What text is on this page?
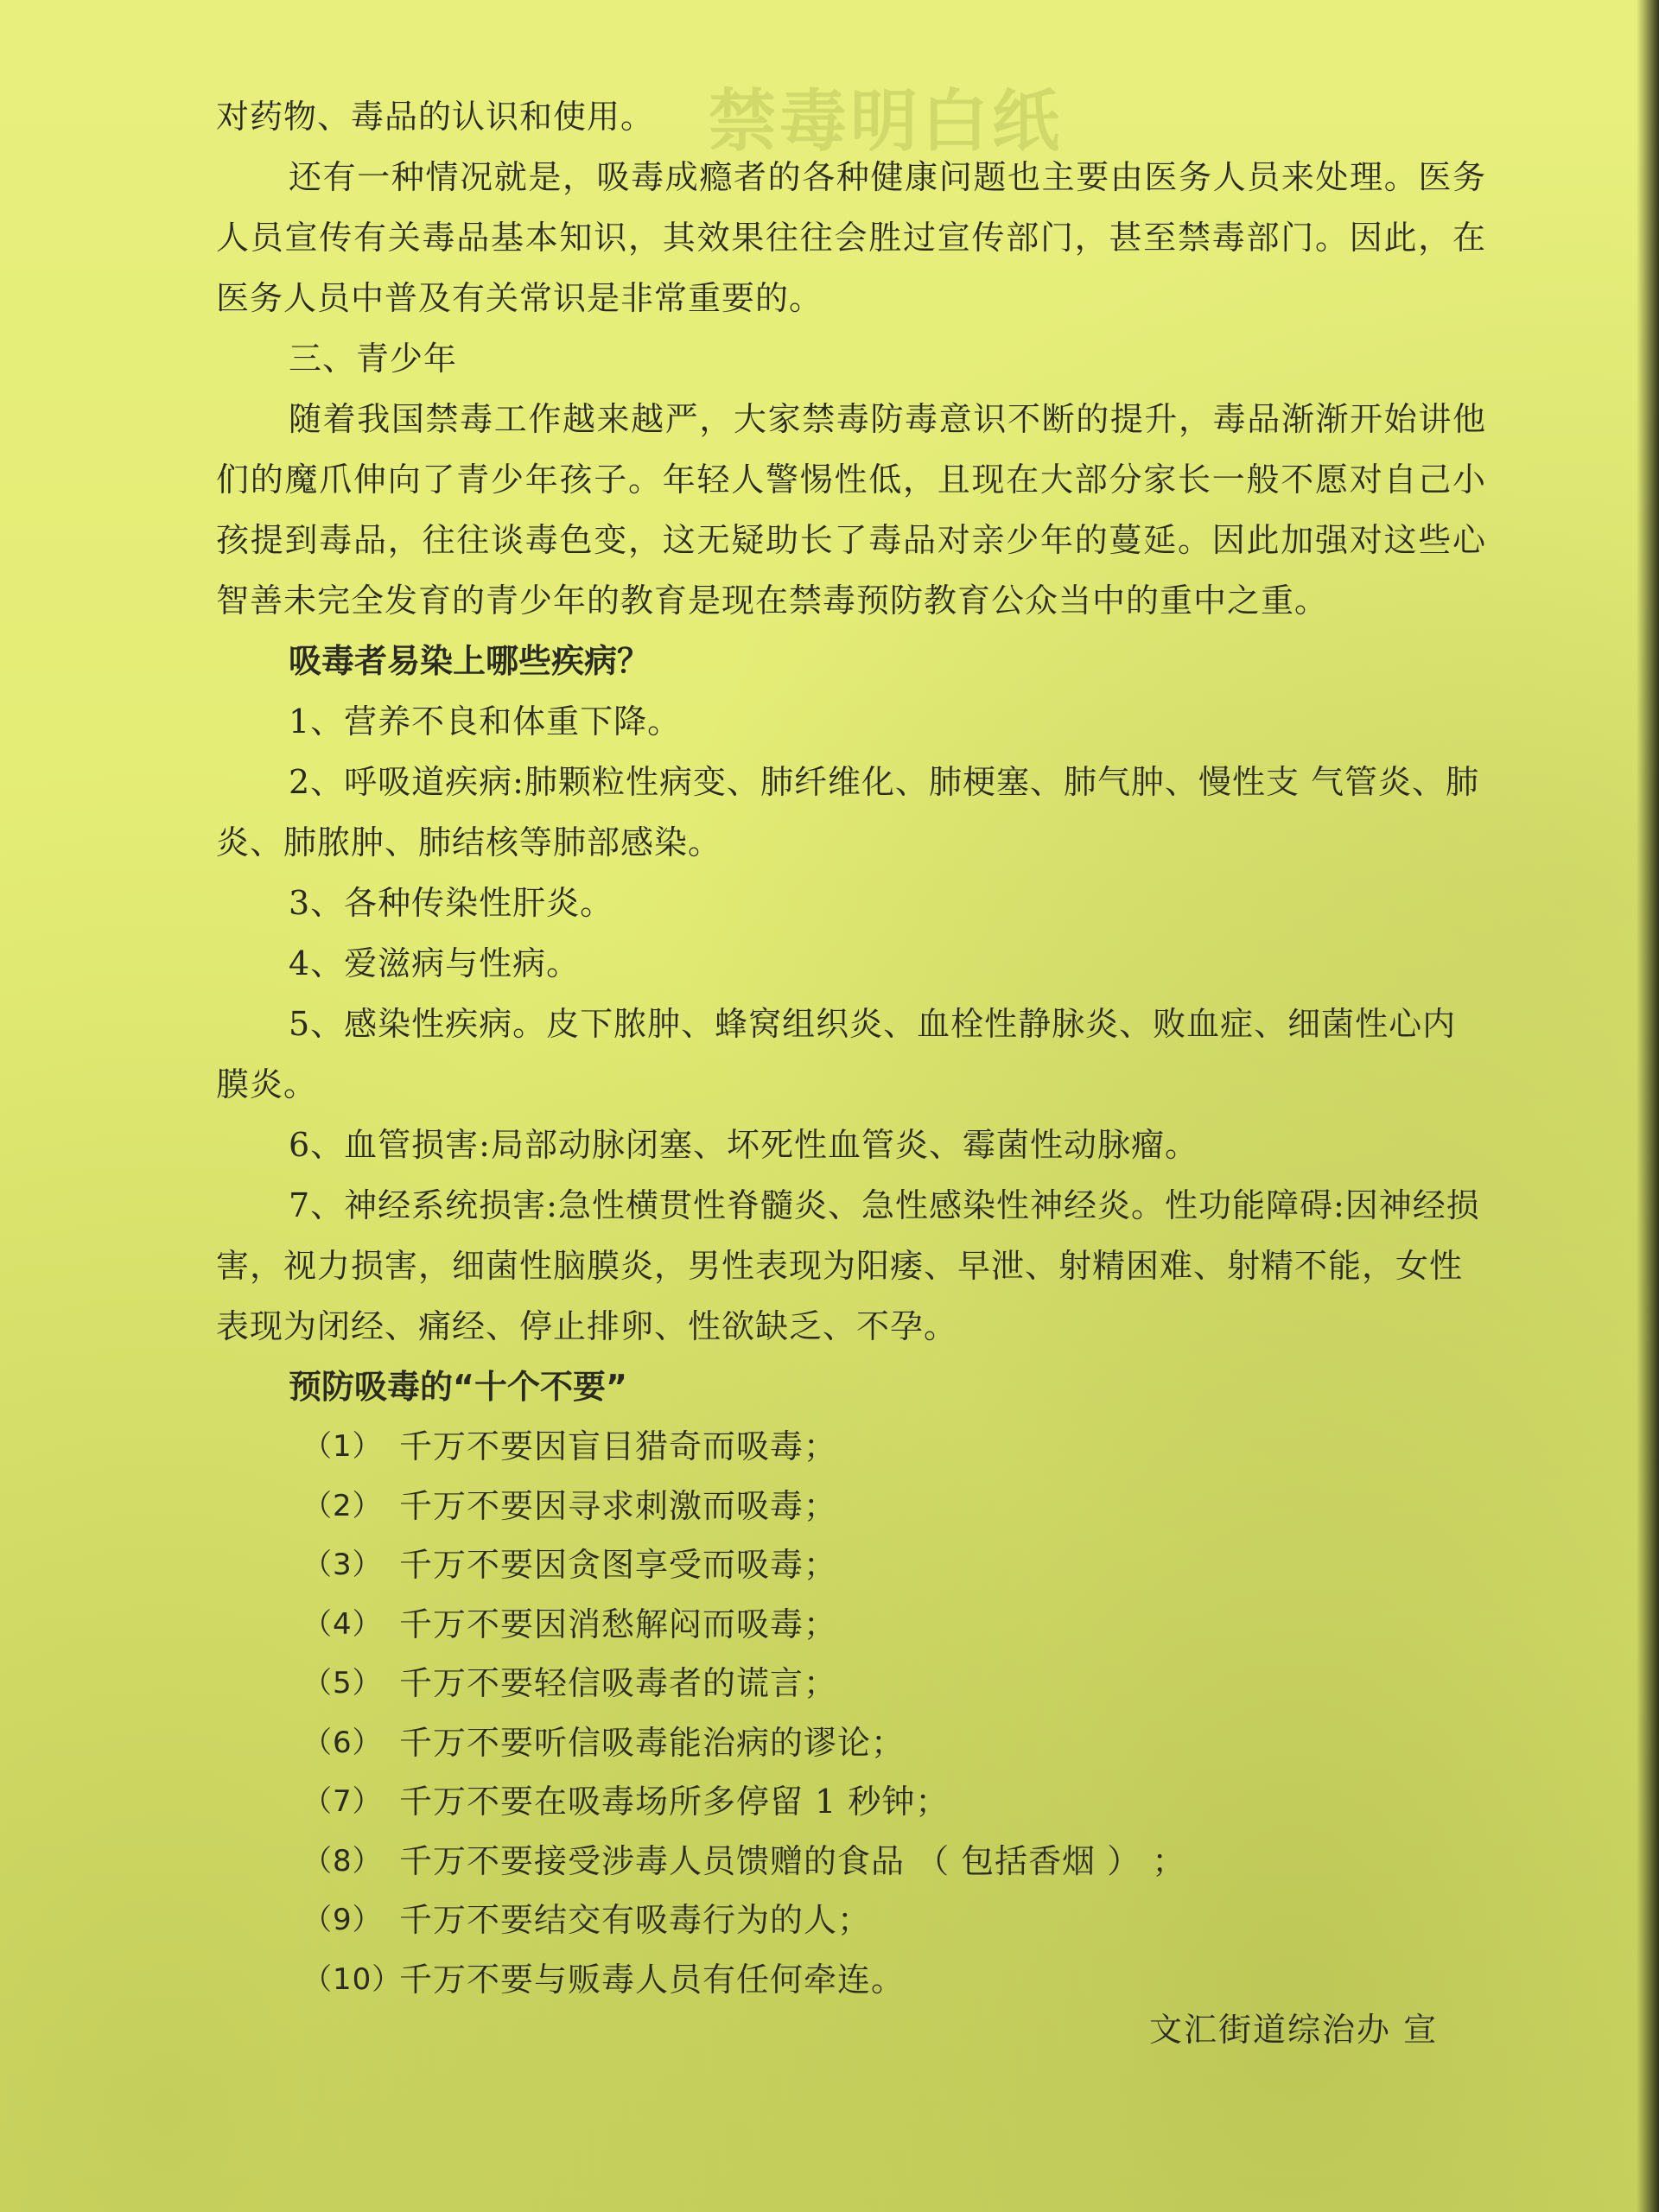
禁毒明白纸

对药物、毒品的认识和使用。

还有一种情况就是，吸毒成瘾者的各种健康问题也主要由医务人员来处理。医务人员宣传有关毒品基本知识，其效果往往会胜过宣传部门，甚至禁毒部门。因此，在医务人员中普及有关常识是非常重要的。

三、青少年

随着我国禁毒工作越来越严，大家禁毒防毒意识不断的提升，毒品渐渐开始讲他们的魔爪伸向了青少年孩子。年轻人警惕性低，且现在大部分家长一般不愿对自己小孩提到毒品，往往谈毒色变，这无疑助长了毒品对亲少年的蔓延。因此加强对这些心智善未完全发育的青少年的教育是现在禁毒预防教育公众当中的重中之重。

吸毒者易染上哪些疾病？

1、营养不良和体重下降。

2、呼吸道疾病:肺颗粒性病变、肺纤维化、肺梗塞、肺气肿、慢性支 气管炎、肺炎、肺脓肿、肺结核等肺部感染。

3、各种传染性肝炎。

4、爱滋病与性病。

5、感染性疾病。皮下脓肿、蜂窝组织炎、血栓性静脉炎、败血症、细菌性心内膜炎。

6、血管损害:局部动脉闭塞、坏死性血管炎、霉菌性动脉瘤。

7、神经系统损害:急性横贯性脊髓炎、急性感染性神经炎。性功能障碍:因神经损害，视力损害，细菌性脑膜炎，男性表现为阳痿、早泄、射精困难、射精不能，女性表现为闭经、痛经、停止排卵、性欲缺乏、不孕。

预防吸毒的“十个不要”

（1） 千万不要因盲目猎奇而吸毒；
（2） 千万不要因寻求刺激而吸毒；
（3） 千万不要因贪图享受而吸毒；
（4） 千万不要因消愁解闷而吸毒；
（5） 千万不要轻信吸毒者的谎言；
（6） 千万不要听信吸毒能治病的谬论；
（7） 千万不要在吸毒场所多停留 1 秒钟；
（8） 千万不要接受涉毒人员馈赠的食品 （ 包括香烟 ） ；
（9） 千万不要结交有吸毒行为的人；
（10）
千万不要与贩毒人员有任何牵连。
文汇街道综治办 宣
